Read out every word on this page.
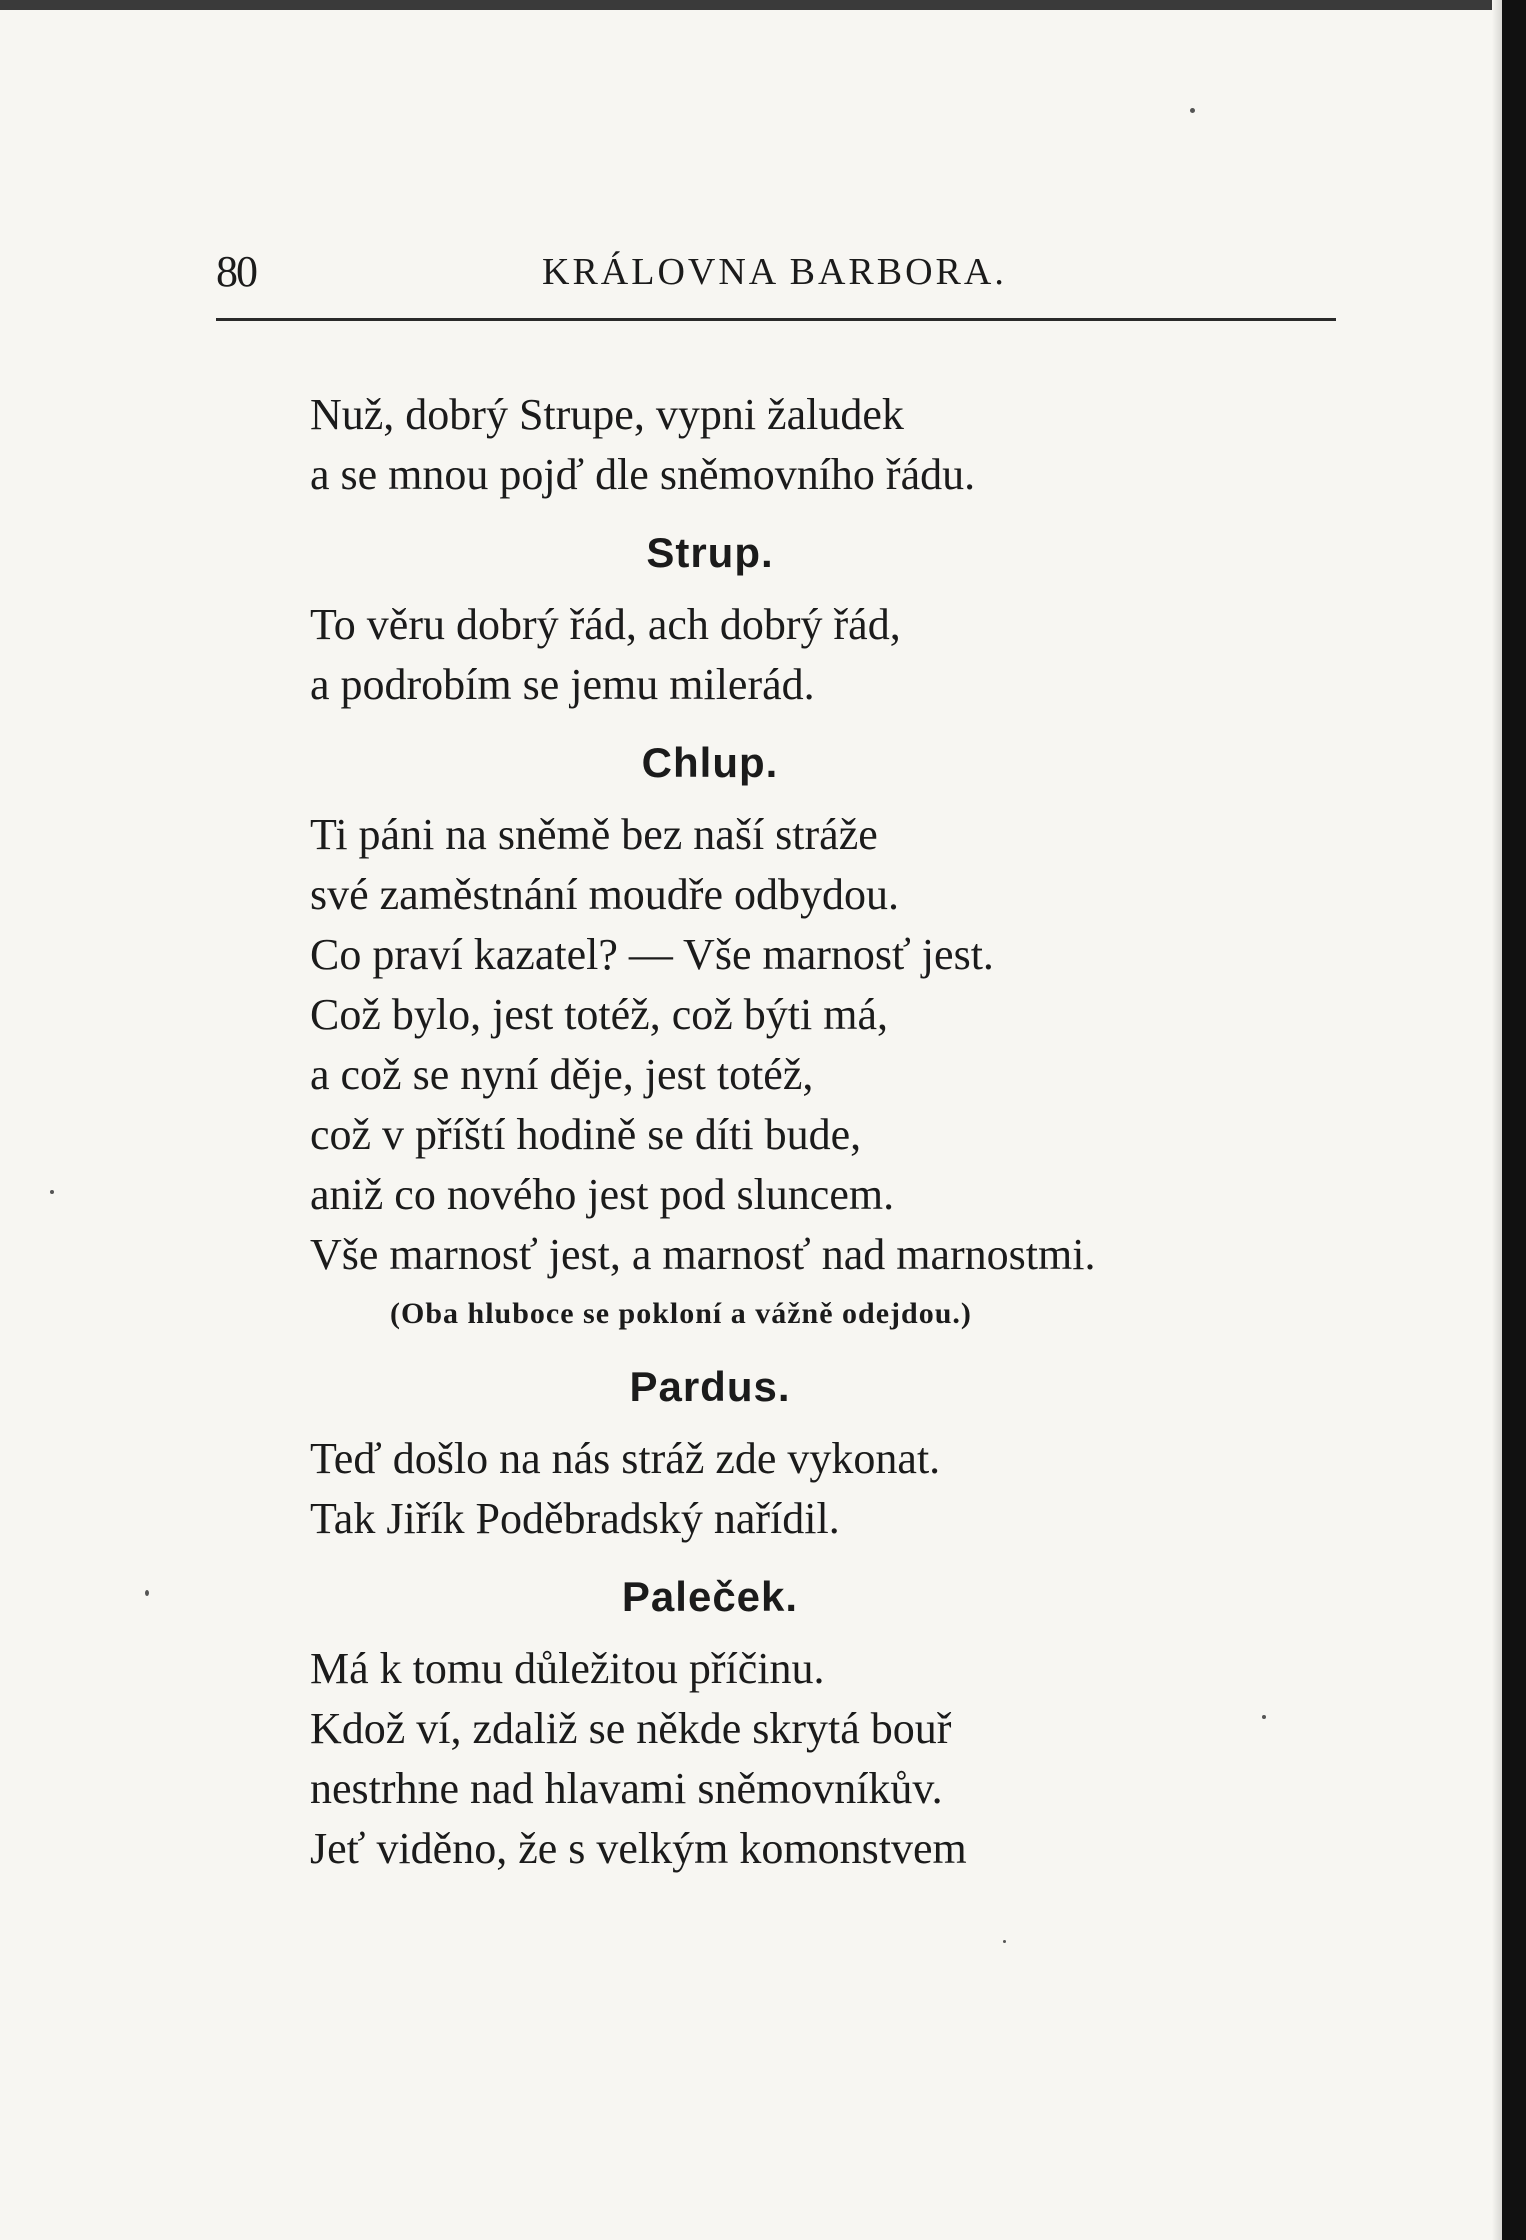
80	KRÁLOVNA BARBORA.

Nuž, dobrý Strupe, vypni žaludek

a se mnou pojď dle sněmovního řádu.

Strup.

To věru dobrý řád, ach dobrý řád,

a podrobím se jemu milerád.

Chlup.

Ti páni na sněmě bez naší stráže

své zaměstnání moudře odbydou.

Co praví kazatel? — Vše marnosť jest.

Což bylo, jest totéž, což býti má,

a což se nyní děje, jest totéž,

což v příští hodině se díti bude,

aniž co nového jest pod sluncem.

Vše marnosť jest, a marnosť nad marnostmi.

(Oba hluboce se pokloní a vážně odejdou.)
Pardus.

Teď došlo na nás stráž zde vykonat.

Tak Jiřík Poděbradský nařídil.

Paleček.

Má k tomu důležitou příčinu.

Kdož ví, zdaliž se někde skrytá bouř

nestrhne nad hlavami sněmovníkův.

Jeť viděno, že s velkým komonstvem
